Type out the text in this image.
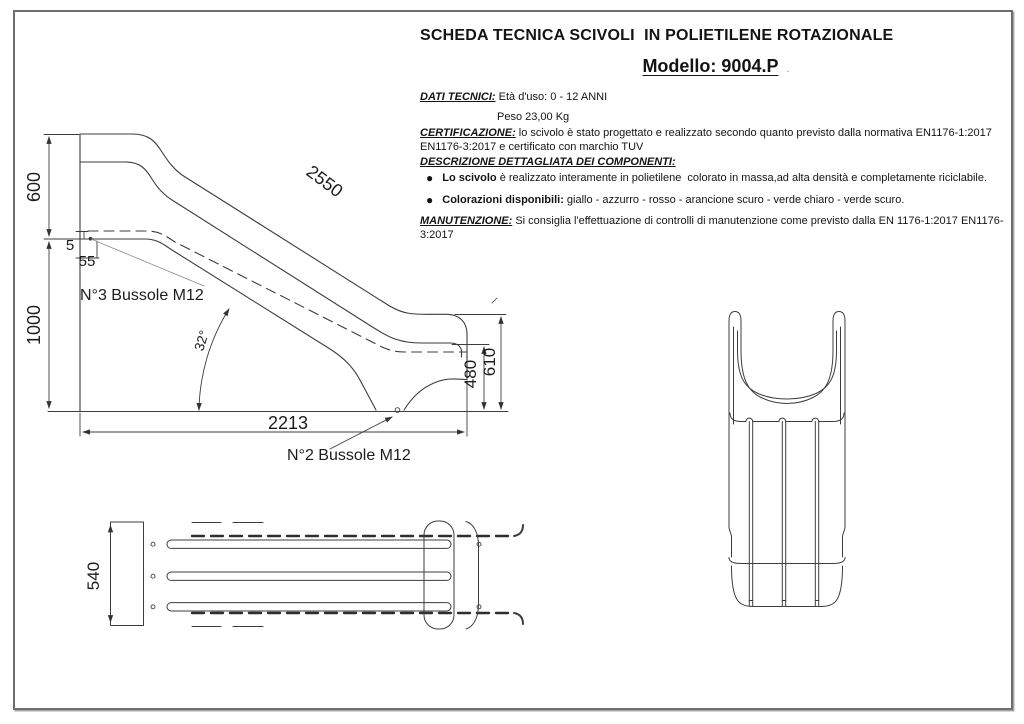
SCHEDA TECNICA SCIVOLI  IN POLIETILENE ROTAZIONALE
Modello: 9004.P .
DATI TECNICI: Età d'uso: 0 - 12 ANNI
Peso 23,00 Kg
CERTIFICAZIONE: lo scivolo è stato progettato e realizzato secondo quanto previsto dalla normativa EN1176-1:2017 EN1176-3:2017 e certificato con marchio TUV
DESCRIZIONE DETTAGLIATA DEI COMPONENTI:
● Lo scivolo è realizzato interamente in polietilene  colorato in massa,ad alta densità e completamente riciclabile.
● Colorazioni disponibili: giallo - azzurro - rosso - arancione scuro - verde chiaro - verde scuro.
MANUTENZIONE: Si consiglia l'effettuazione di controlli di manutenzione come previsto dalla EN 1176-1:2017 EN1176-3:2017
600
1000
5
55
2550
32°
2213
480 610
N°3 Bussole M12
N°2 Bussole M12
540
